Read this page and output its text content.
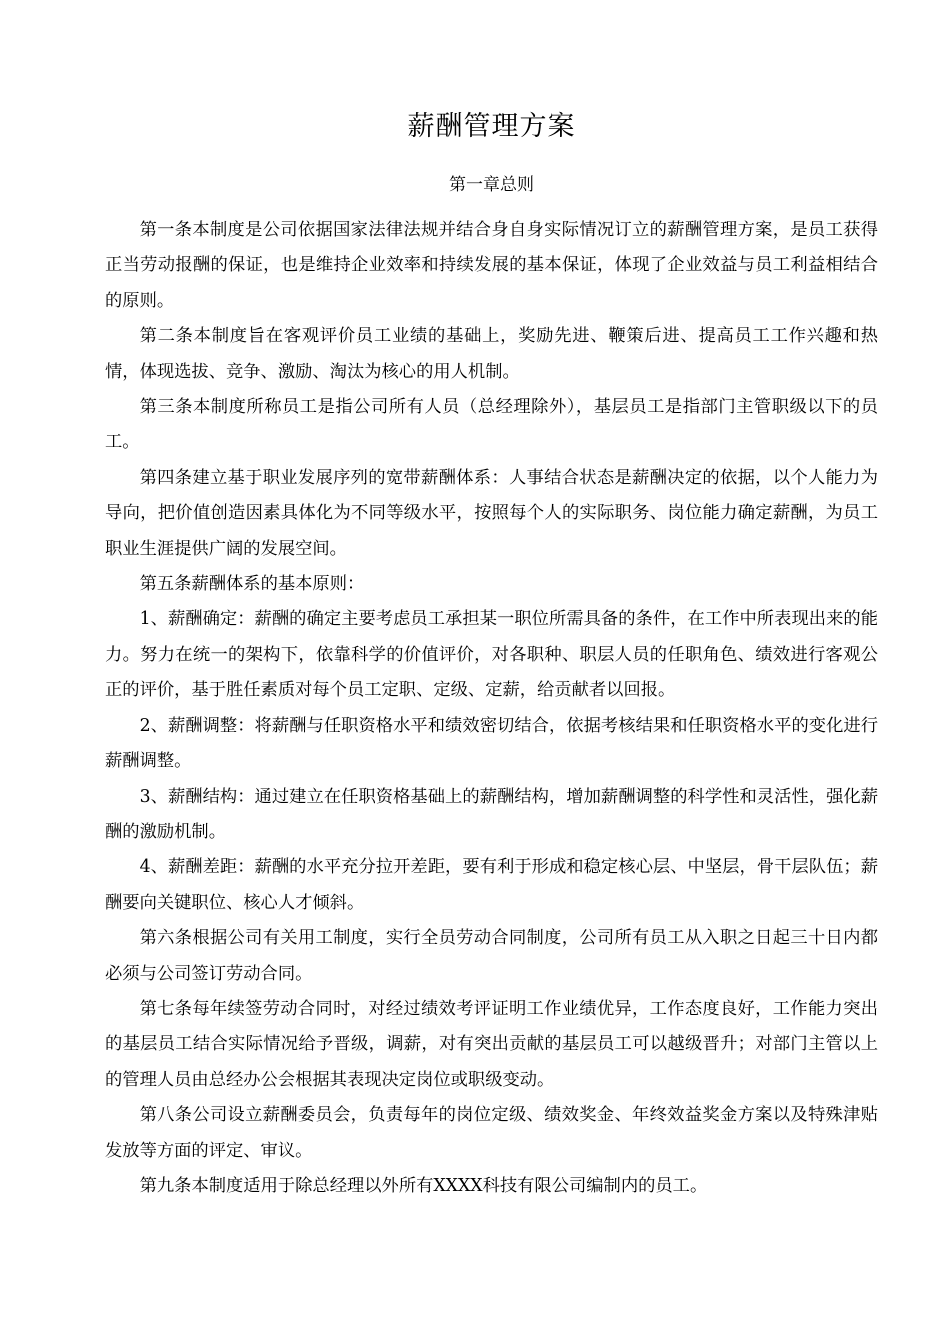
薪酬管理方案
第一章总则

第一条本制度是公司依据国家法律法规并结合身自身实际情况订立的薪酬管理方案，是员工获得正当劳动报酬的保证，也是维持企业效率和持续发展的基本保证，体现了企业效益与员工利益相结合的原则。

第二条本制度旨在客观评价员工业绩的基础上，奖励先进、鞭策后进、提高员工工作兴趣和热情，体现选拔、竞争、激励、淘汰为核心的用人机制。

第三条本制度所称员工是指公司所有人员（总经理除外），基层员工是指部门主管职级以下的员工。

第四条建立基于职业发展序列的宽带薪酬体系：人事结合状态是薪酬决定的依据，以个人能力为导向，把价值创造因素具体化为不同等级水平，按照每个人的实际职务、岗位能力确定薪酬，为员工职业生涯提供广阔的发展空间。

第五条薪酬体系的基本原则：

1、薪酬确定：薪酬的确定主要考虑员工承担某一职位所需具备的条件，在工作中所表现出来的能力。努力在统一的架构下，依靠科学的价值评价，对各职种、职层人员的任职角色、绩效进行客观公正的评价，基于胜任素质对每个员工定职、定级、定薪，给贡献者以回报。

2、薪酬调整：将薪酬与任职资格水平和绩效密切结合，依据考核结果和任职资格水平的变化进行薪酬调整。

3、薪酬结构：通过建立在任职资格基础上的薪酬结构，增加薪酬调整的科学性和灵活性，强化薪酬的激励机制。

4、薪酬差距：薪酬的水平充分拉开差距，要有利于形成和稳定核心层、中坚层，骨干层队伍；薪酬要向关键职位、核心人才倾斜。

第六条根据公司有关用工制度，实行全员劳动合同制度，公司所有员工从入职之日起三十日内都必须与公司签订劳动合同。

第七条每年续签劳动合同时，对经过绩效考评证明工作业绩优异，工作态度良好，工作能力突出的基层员工结合实际情况给予晋级，调薪，对有突出贡献的基层员工可以越级晋升；对部门主管以上的管理人员由总经办公会根据其表现决定岗位或职级变动。

第八条公司设立薪酬委员会，负责每年的岗位定级、绩效奖金、年终效益奖金方案以及特殊津贴发放等方面的评定、审议。

第九条本制度适用于除总经理以外所有XXXX科技有限公司编制内的员工。
